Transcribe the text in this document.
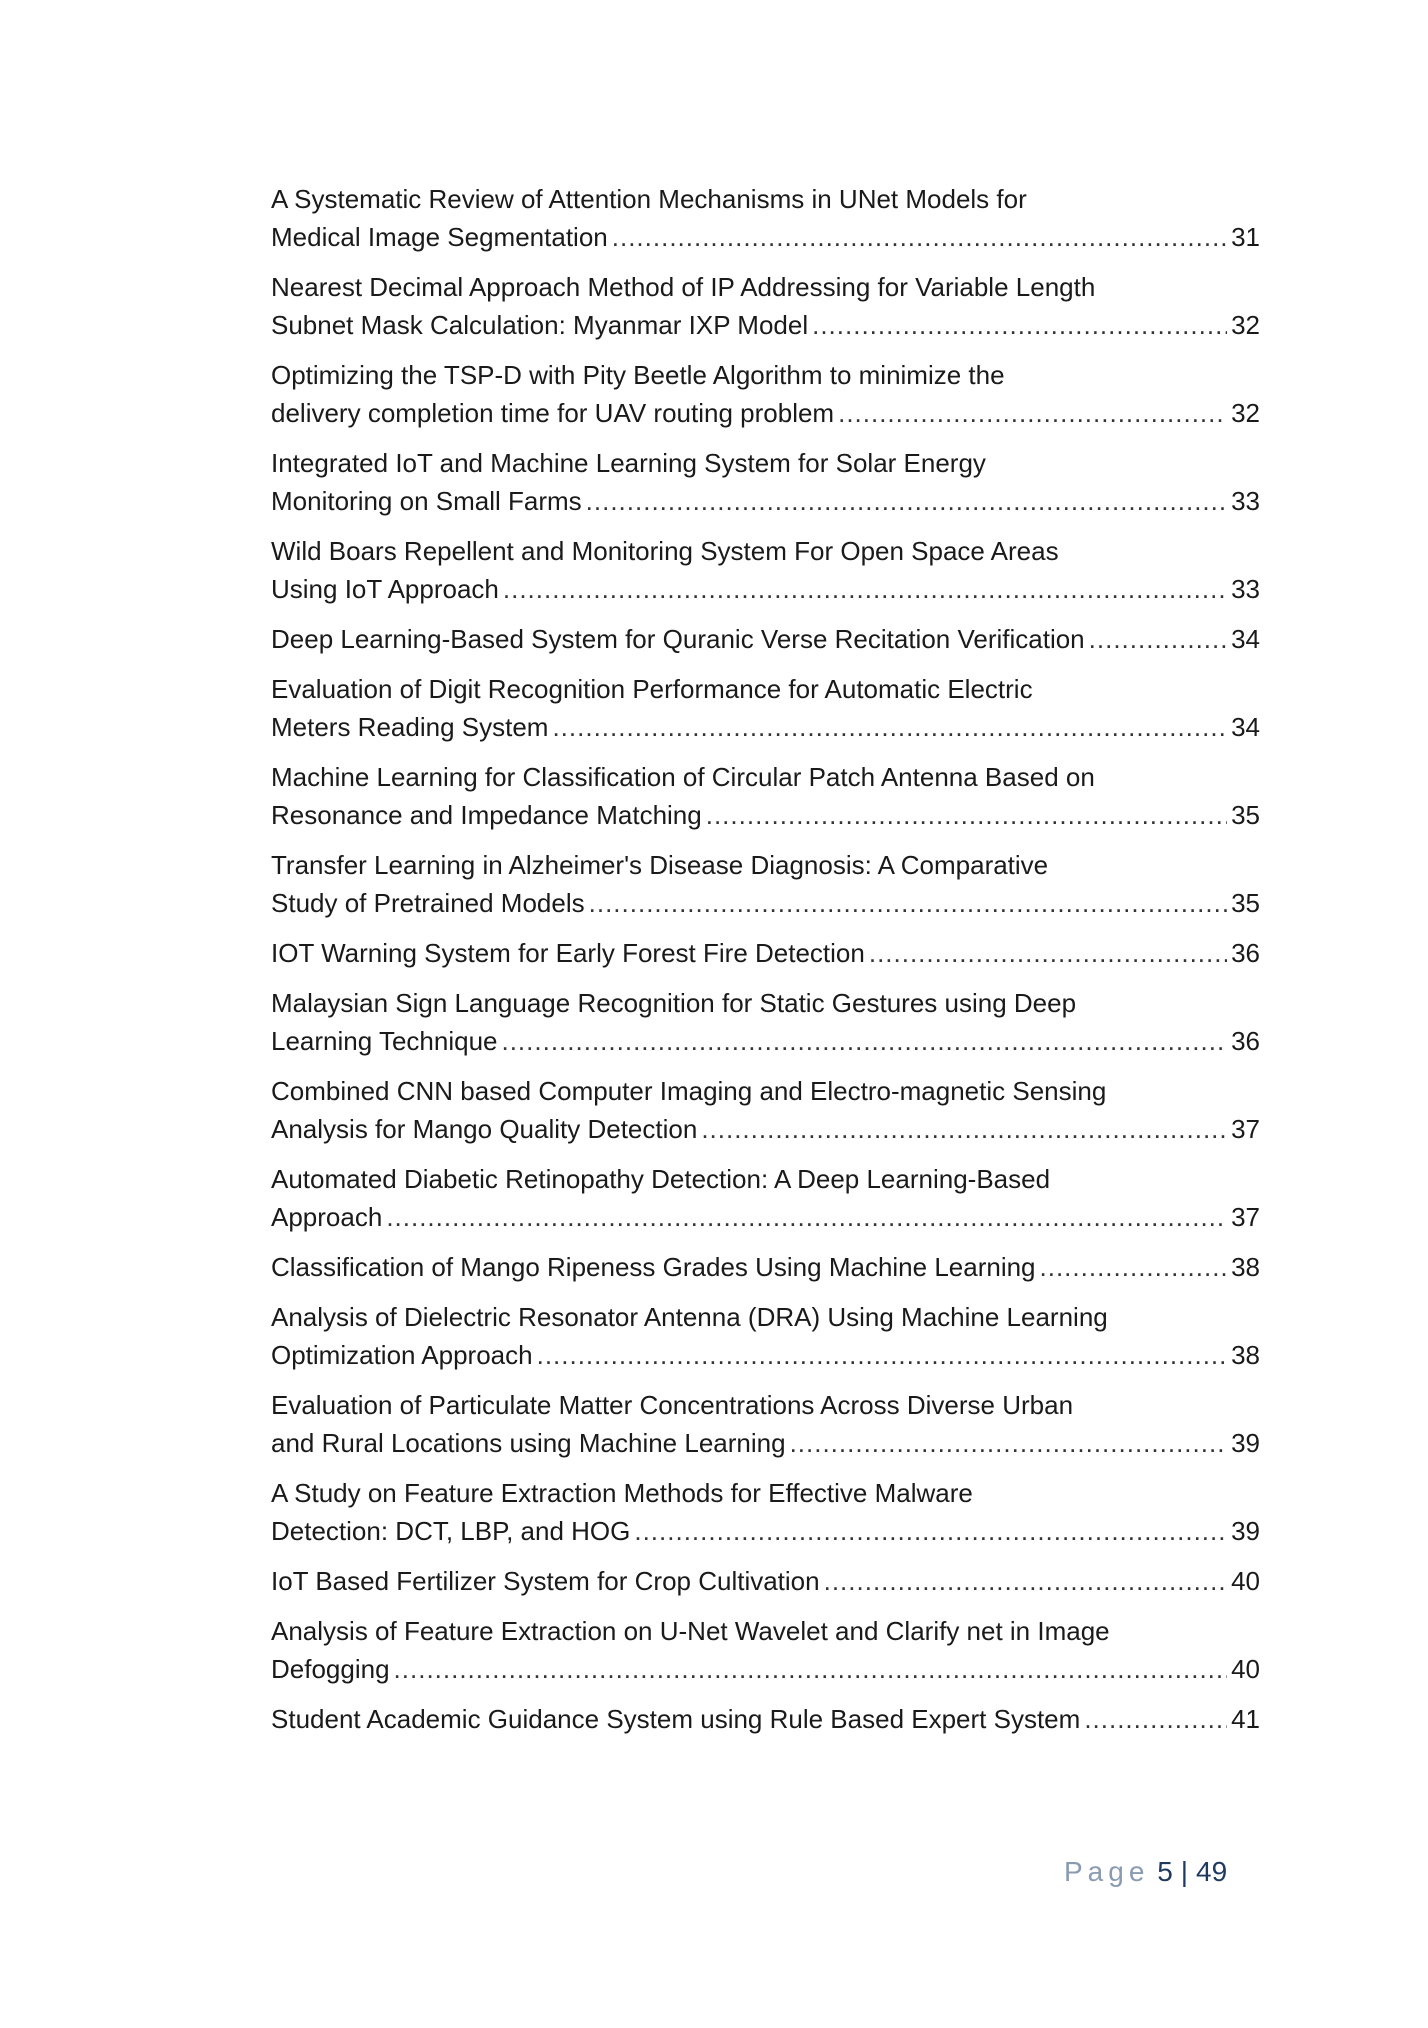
A Systematic Review of Attention Mechanisms in UNet Models for
Medical Image Segmentation .....	31
Nearest Decimal Approach Method of IP Addressing for Variable Length
Subnet Mask Calculation: Myanmar IXP Model .....	32
Optimizing the TSP-D with Pity Beetle Algorithm to minimize the
delivery completion time for UAV routing problem .....	32
Integrated IoT and Machine Learning System for Solar Energy
Monitoring on Small Farms .....	33
Wild Boars Repellent and Monitoring System For Open Space Areas
Using IoT Approach .....	33
Deep Learning-Based System for Quranic Verse Recitation Verification .....	34
Evaluation of Digit Recognition Performance for Automatic Electric
Meters Reading System .....	34
Machine Learning for Classification of Circular Patch Antenna Based on
Resonance and Impedance Matching .....	35
Transfer Learning in Alzheimer's Disease Diagnosis: A Comparative
Study of Pretrained Models .....	35
IOT Warning System for Early Forest Fire Detection .....	36
Malaysian Sign Language Recognition for Static Gestures using Deep
Learning Technique .....	36
Combined CNN based Computer Imaging and Electro-magnetic Sensing
Analysis for Mango Quality Detection .....	37
Automated Diabetic Retinopathy Detection: A Deep Learning-Based
Approach .....	37
Classification of Mango Ripeness Grades Using Machine Learning .....	38
Analysis of Dielectric Resonator Antenna (DRA) Using Machine Learning
Optimization Approach .....	38
Evaluation of Particulate Matter Concentrations Across Diverse Urban
and Rural Locations using Machine Learning .....	39
A Study on Feature Extraction Methods for Effective Malware
Detection: DCT, LBP, and HOG .....	39
IoT Based Fertilizer System for Crop Cultivation .....	40
Analysis of Feature Extraction on U-Net Wavelet and Clarify net in Image
Defogging .....	40
Student Academic Guidance System using Rule Based Expert System .....	41
Page 5 | 49
